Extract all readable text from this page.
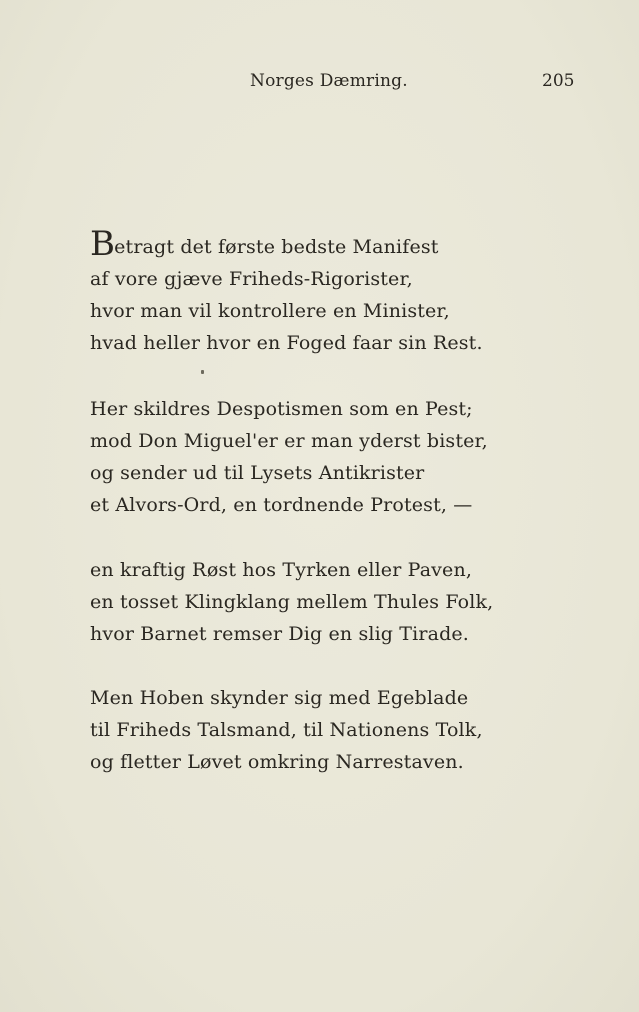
Norges Dæmring.	205
Betragt det første bedste Manifest
af vore gjæve Friheds-Rigorister,
hvor man vil kontrollere en Minister,
hvad heller hvor en Foged faar sin Rest.
Her skildres Despotismen som en Pest;
mod Don Miguel'er er man yderst bister,
og sender ud til Lysets Antikrister
et Alvors-Ord, en tordnende Protest, —
en kraftig Røst hos Tyrken eller Paven,
en tosset Klingklang mellem Thules Folk,
hvor Barnet remser Dig en slig Tirade.
Men Hoben skynder sig med Egeblade
til Friheds Talsmand, til Nationens Tolk,
og fletter Løvet omkring Narrestaven.
